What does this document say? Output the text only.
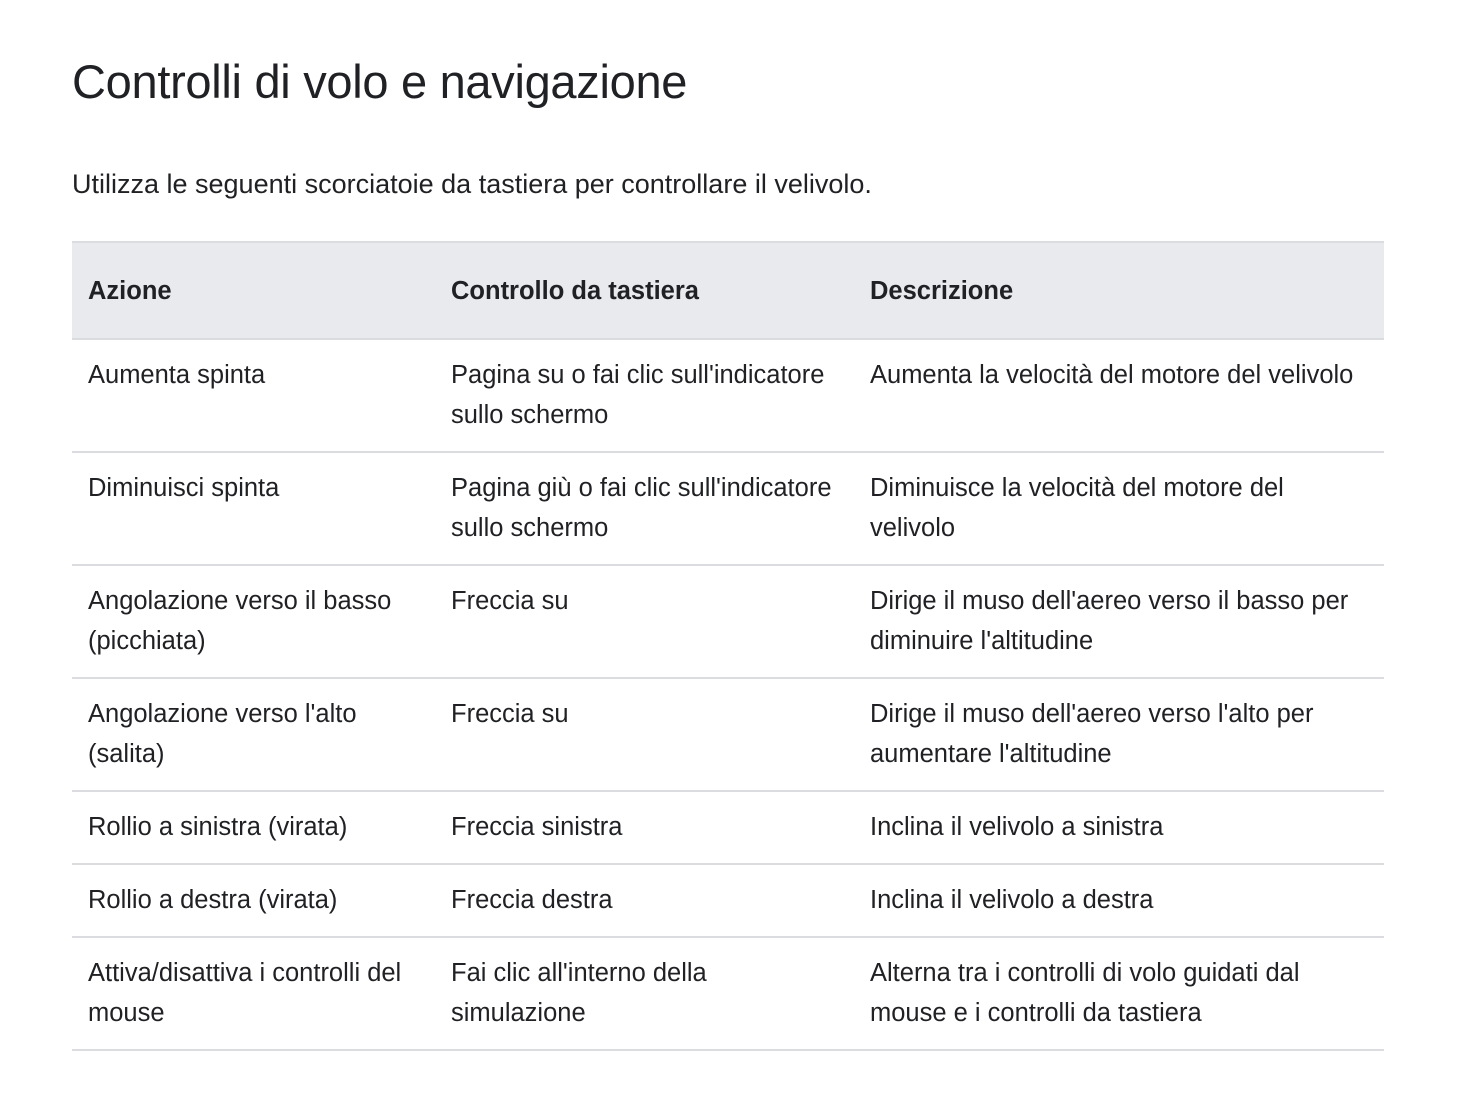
Controlli di volo e navigazione

Utilizza le seguenti scorciatoie da tastiera per controllare il velivolo.

Azione	Controllo da tastiera	Descrizione
Aumenta spinta	Pagina su o fai clic sull'indicatore sullo schermo	Aumenta la velocità del motore del velivolo
Diminuisci spinta	Pagina giù o fai clic sull'indicatore sullo schermo	Diminuisce la velocità del motore del velivolo
Angolazione verso il basso (picchiata)	Freccia su	Dirige il muso dell'aereo verso il basso per diminuire l'altitudine
Angolazione verso l'alto (salita)	Freccia su	Dirige il muso dell'aereo verso l'alto per aumentare l'altitudine
Rollio a sinistra (virata)	Freccia sinistra	Inclina il velivolo a sinistra
Rollio a destra (virata)	Freccia destra	Inclina il velivolo a destra
Attiva/disattiva i controlli del mouse	Fai clic all'interno della simulazione	Alterna tra i controlli di volo guidati dal mouse e i controlli da tastiera
